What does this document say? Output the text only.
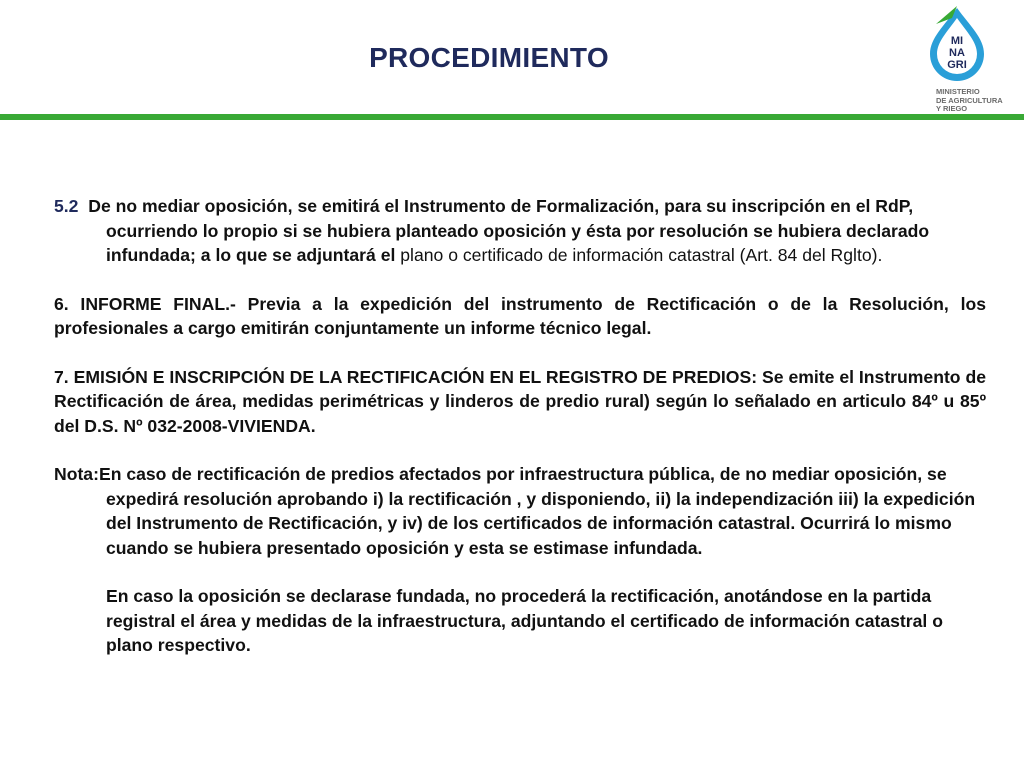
PROCEDIMIENTO
MI
NA
GRI
MINISTERIO
DE AGRICULTURA
Y RIEGO

5.2 De no mediar oposición, se emitirá el Instrumento de Formalización, para su inscripción en el RdP, ocurriendo lo propio si se hubiera planteado oposición y ésta por resolución se hubiera declarado infundada; a lo que se adjuntará el plano o certificado de información catastral (Art. 84 del Rglto).

6. INFORME FINAL.- Previa a la expedición del instrumento de Rectificación o de la Resolución, los profesionales a cargo emitirán conjuntamente un informe técnico legal.

7. EMISIÓN E INSCRIPCIÓN DE LA RECTIFICACIÓN EN EL REGISTRO DE PREDIOS: Se emite el Instrumento de Rectificación de área, medidas perimétricas y linderos de predio rural) según lo señalado en articulo 84º u 85º del D.S. Nº 032-2008-VIVIENDA.

Nota:En caso de rectificación de predios afectados por infraestructura pública, de no mediar oposición, se expedirá resolución aprobando i) la rectificación , y disponiendo, ii) la independización iii) la expedición del Instrumento de Rectificación, y iv) de los certificados de información catastral. Ocurrirá lo mismo cuando se hubiera presentado oposición y esta se estimase infundada.

En caso la oposición se declarase fundada, no procederá la rectificación, anotándose en la partida registral el área y medidas de la infraestructura, adjuntando el certificado de información catastral o plano respectivo.
